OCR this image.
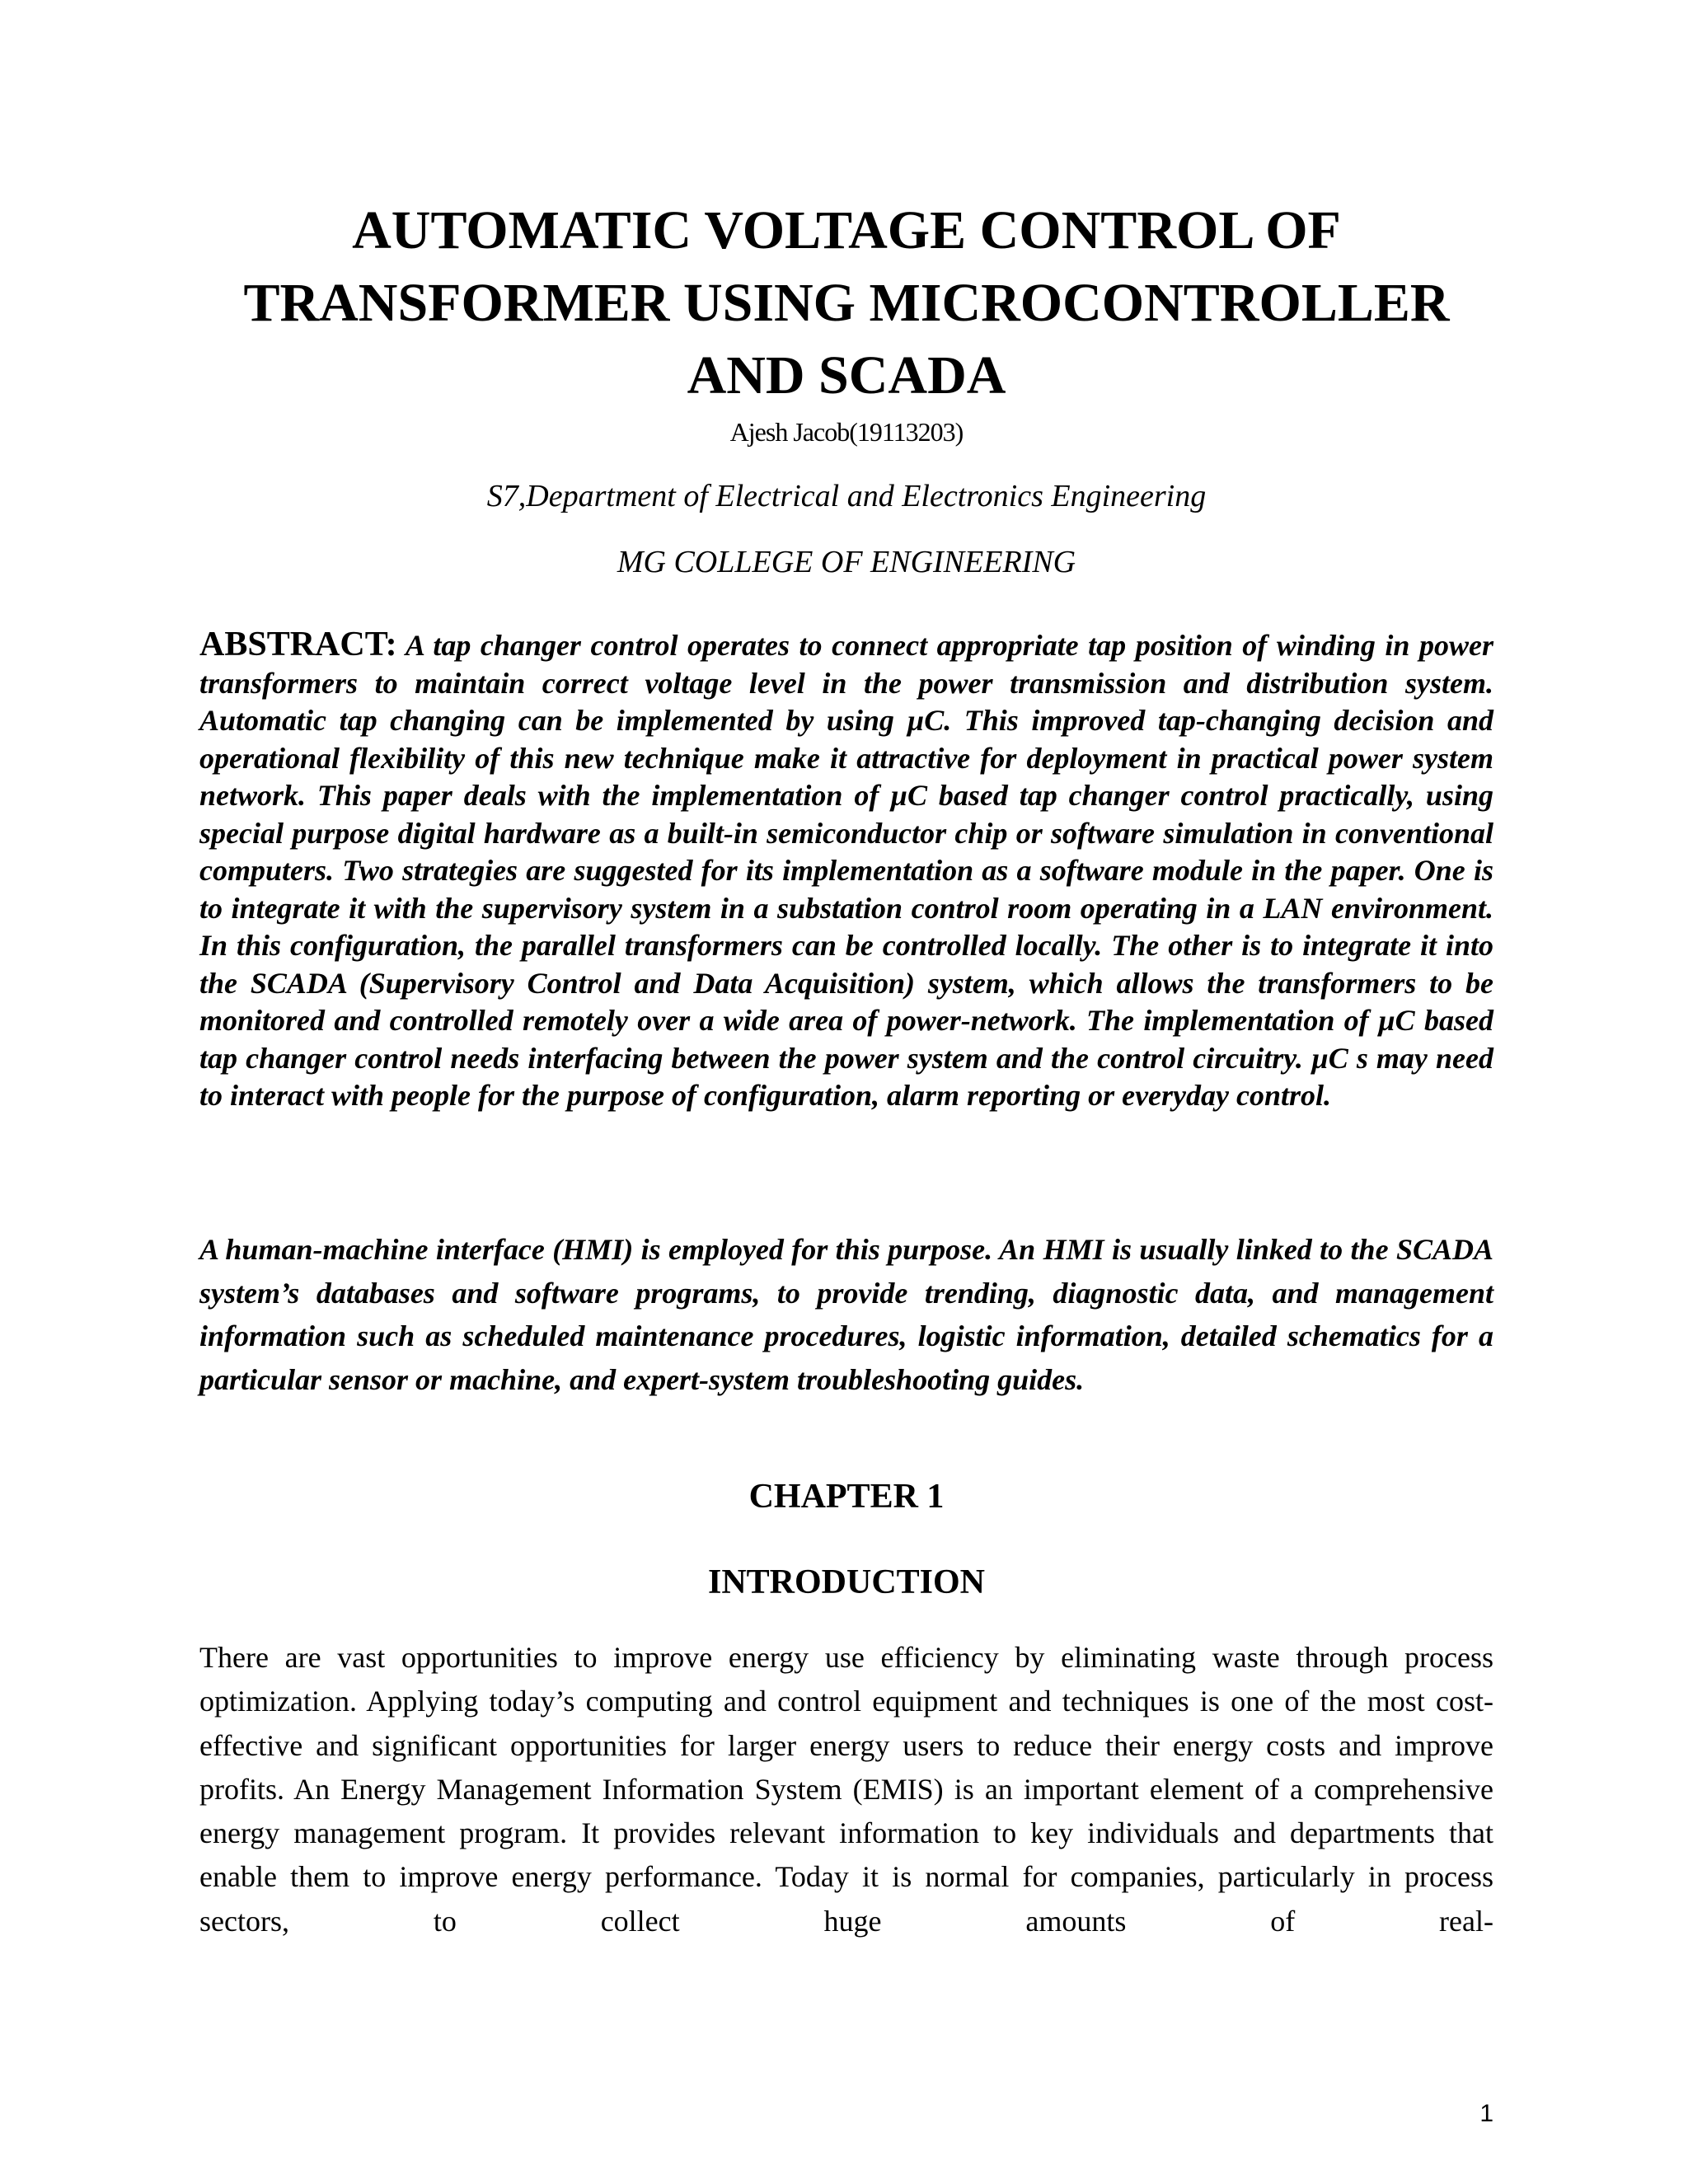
AUTOMATIC VOLTAGE CONTROL OF
TRANSFORMER USING MICROCONTROLLER
AND SCADA

Ajesh Jacob(19113203)

S7,Department of Electrical and Electronics Engineering

MG COLLEGE OF ENGINEERING

ABSTRACT: A tap changer control operates to connect appropriate tap position of winding in power transformers to maintain correct voltage level in the power transmission and distribution system. Automatic tap changing can be implemented by using µC. This improved tap-changing decision and operational flexibility of this new technique make it attractive for deployment in practical power system network. This paper deals with the implementation of µC based tap changer control practically, using special purpose digital hardware as a built-in semiconductor chip or software simulation in conventional computers. Two strategies are suggested for its implementation as a software module in the paper. One is to integrate it with the supervisory system in a substation control room operating in a LAN environment. In this configuration, the parallel transformers can be controlled locally. The other is to integrate it into the SCADA (Supervisory Control and Data Acquisition) system, which allows the transformers to be monitored and controlled remotely over a wide area of power-network. The implementation of µC based tap changer control needs interfacing between the power system and the control circuitry. µC s may need to interact with people for the purpose of configuration, alarm reporting or everyday control.

A human-machine interface (HMI) is employed for this purpose. An HMI is usually linked to the SCADA system’s databases and software programs, to provide trending, diagnostic data, and management information such as scheduled maintenance procedures, logistic information, detailed schematics for a particular sensor or machine, and expert-system troubleshooting guides.

CHAPTER 1
INTRODUCTION

There are vast opportunities to improve energy use efficiency by eliminating waste through process optimization. Applying today’s computing and control equipment and techniques is one of the most cost-effective and significant opportunities for larger energy users to reduce their energy costs and improve profits. An Energy Management Information System (EMIS) is an important element of a comprehensive energy management program. It provides relevant information to key individuals and departments that enable them to improve energy performance. Today it is normal for companies, particularly in process sectors, to collect huge amounts of real-

1
